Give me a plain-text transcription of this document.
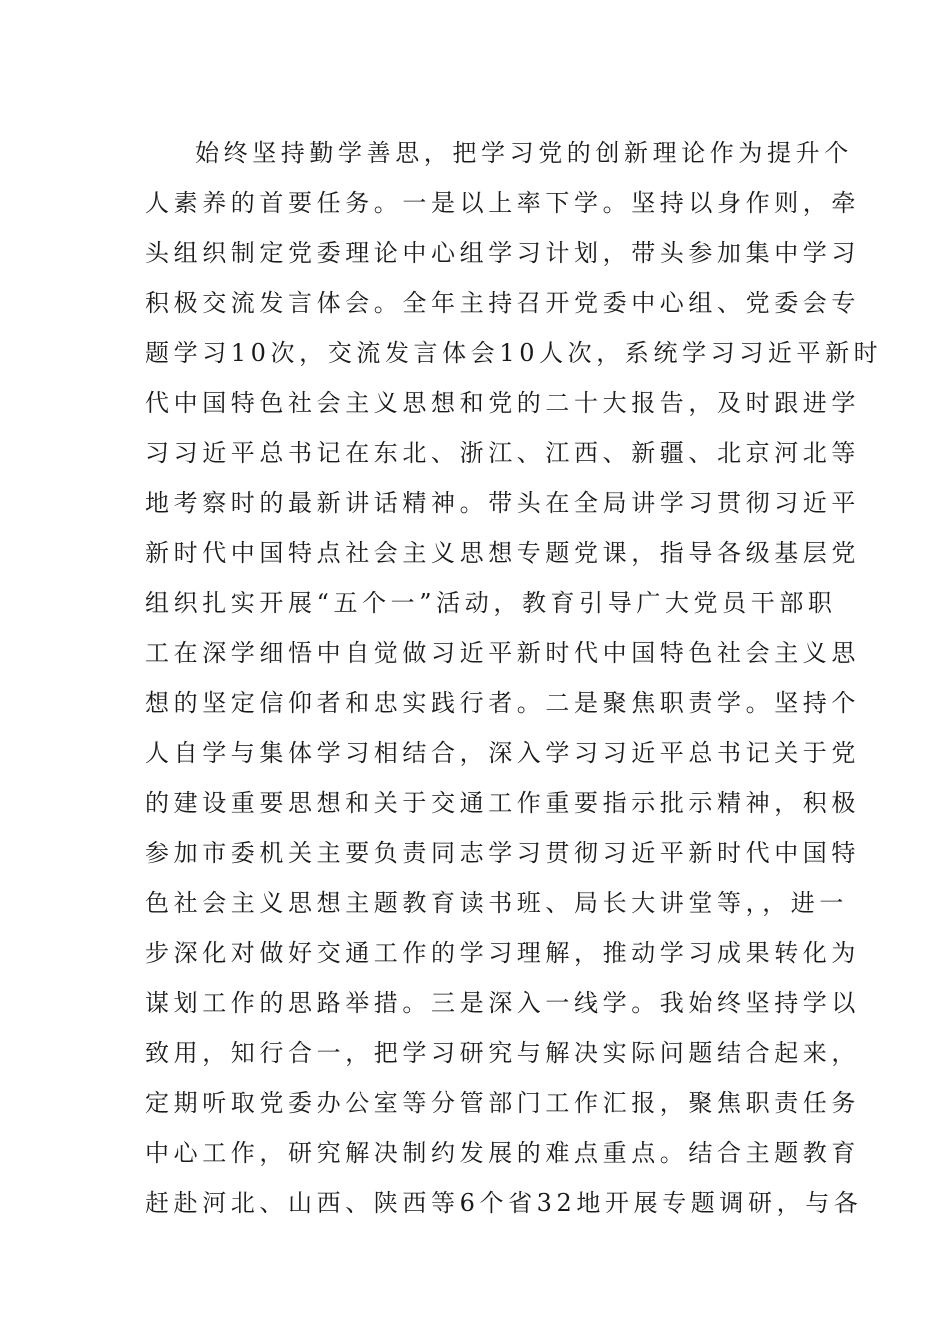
始终坚持勤学善思，把学习党的创新理论作为提升个
人素养的首要任务。一是以上率下学。坚持以身作则，牵
头组织制定党委理论中心组学习计划，带头参加集中学习
积极交流发言体会。全年主持召开党委中心组、党委会专
题学习10次，交流发言体会10人次，系统学习习近平新时
代中国特色社会主义思想和党的二十大报告，及时跟进学
习习近平总书记在东北、浙江、江西、新疆、北京河北等
地考察时的最新讲话精神。带头在全局讲学习贯彻习近平
新时代中国特点社会主义思想专题党课，指导各级基层党
组织扎实开展“五个一”活动，教育引导广大党员干部职
工在深学细悟中自觉做习近平新时代中国特色社会主义思
想的坚定信仰者和忠实践行者。二是聚焦职责学。坚持个
人自学与集体学习相结合，深入学习习近平总书记关于党
的建设重要思想和关于交通工作重要指示批示精神，积极
参加市委机关主要负责同志学习贯彻习近平新时代中国特
色社会主义思想主题教育读书班、局长大讲堂等，，进一
步深化对做好交通工作的学习理解，推动学习成果转化为
谋划工作的思路举措。三是深入一线学。我始终坚持学以
致用，知行合一，把学习研究与解决实际问题结合起来，
定期听取党委办公室等分管部门工作汇报，聚焦职责任务
中心工作，研究解决制约发展的难点重点。结合主题教育
赶赴河北、山西、陕西等6个省32地开展专题调研，与各
